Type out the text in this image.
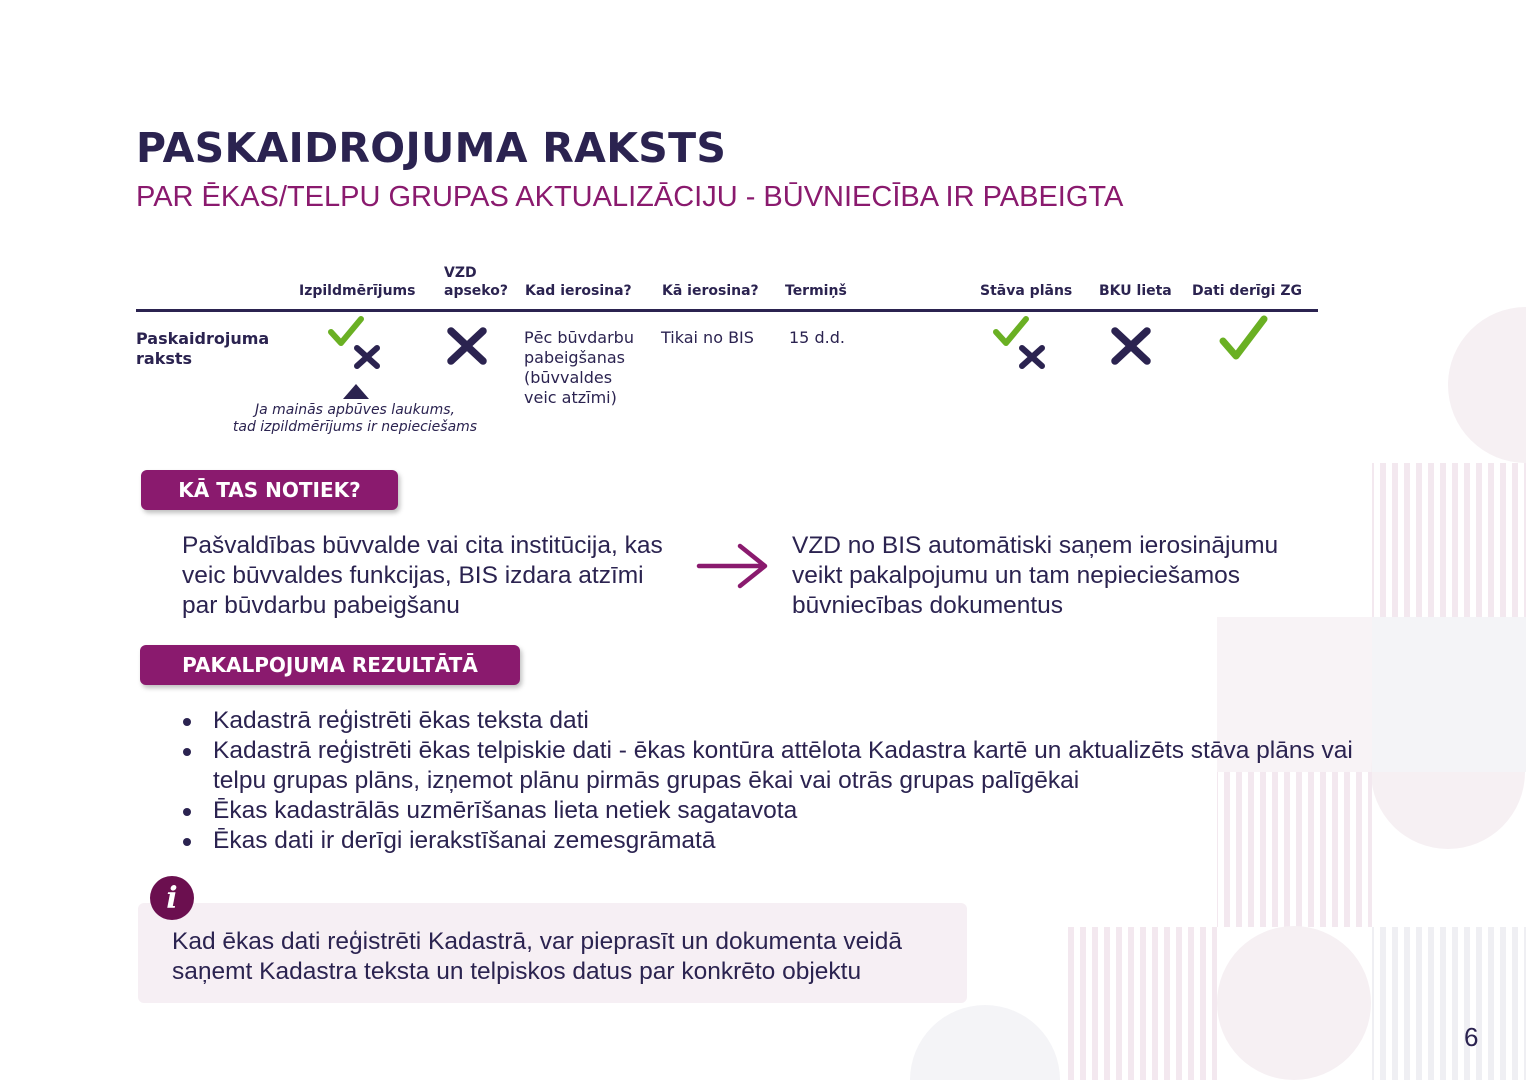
PASKAIDROJUMA RAKSTS
PAR ĒKAS/TELPU GRUPAS AKTUALIZĀCIJU - BŪVNIECĪBA IR PABEIGTA
Izpildmērījums
VZD
apseko? Kad ierosina? Kā ierosina? Termiņš	Stāva plāns BKU lieta Dati derīgi ZG
Paskaidrojuma
raksts
Pēc būvdarbu
pabeigšanas
(būvvaldes
veic atzīmi)
Tikai no BIS 15 d.d.
Ja mainās apbūves laukums,
tad izpildmērījums ir nepieciešams
KĀ TAS NOTIEK?
Pašvaldības būvvalde vai cita institūcija, kas
veic būvvaldes funkcijas, BIS izdara atzīmi
par būvdarbu pabeigšanu
VZD no BIS automātiski saņem ierosinājumu
veikt pakalpojumu un tam nepieciešamos
būvniecības dokumentus
PAKALPOJUMA REZULTĀTĀ
Kadastrā reģistrēti ēkas teksta dati
Kadastrā reģistrēti ēkas telpiskie dati - ēkas kontūra attēlota Kadastra kartē un aktualizēts stāva plāns vai telpu grupas plāns, izņemot plānu pirmās grupas ēkai vai otrās grupas palīgēkai
Ēkas kadastrālās uzmērīšanas lieta netiek sagatavota
Ēkas dati ir derīgi ierakstīšanai zemesgrāmatā
i
Kad ēkas dati reģistrēti Kadastrā, var pieprasīt un dokumenta veidā
saņemt Kadastra teksta un telpiskos datus par konkrēto objektu
6
